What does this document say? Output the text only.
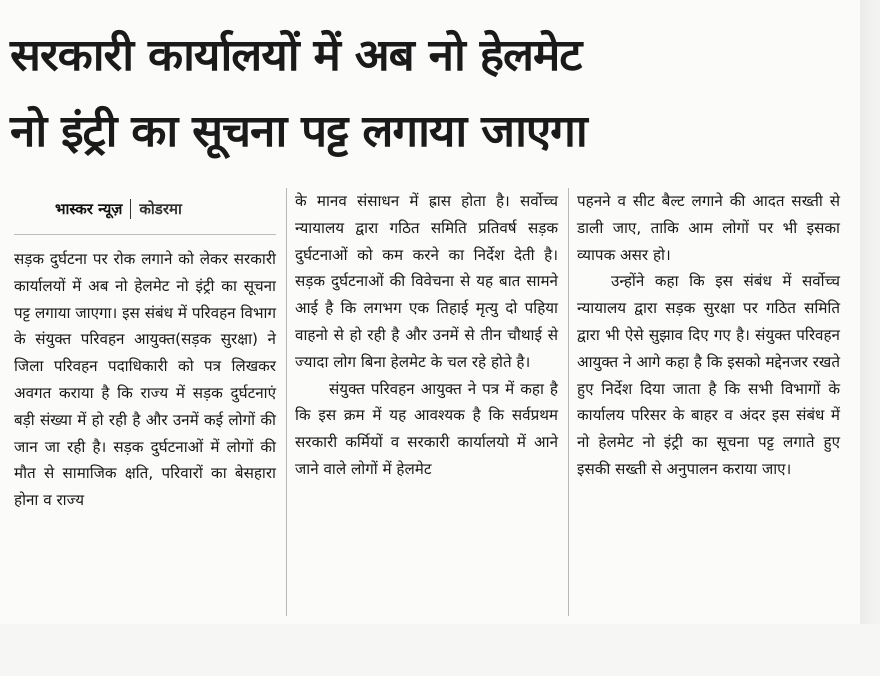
सरकारी कार्यालयों में अब नो हेलमेट
नो इंट्री का सूचना पट्ट लगाया जाएगा
भास्कर न्यूज़ कोडरमा

सड़क दुर्घटना पर रोक लगाने को लेकर सरकारी कार्यालयों में अब नो हेलमेट नो इंट्री का सूचना पट्ट लगाया जाएगा। इस संबंध में परिवहन विभाग के संयुक्त परिवहन आयुक्त(सड़क सुरक्षा) ने जिला परिवहन पदाधिकारी को पत्र लिखकर अवगत कराया है कि राज्य में सड़क दुर्घटनाएं बड़ी संख्या में हो रही है और उनमें कई लोगों की जान जा रही है। सड़क दुर्घटनाओं में लोगों की मौत से सामाजिक क्षति, परिवारों का बेसहारा होना व राज्य

के मानव संसाधन में ह्रास होता है। सर्वोच्च न्यायालय द्वारा गठित समिति प्रतिवर्ष सड़क दुर्घटनाओं को कम करने का निर्देश देती है। सड़क दुर्घटनाओं की विवेचना से यह बात सामने आई है कि लगभग एक तिहाई मृत्यु दो पहिया वाहनो से हो रही है और उनमें से तीन चौथाई से ज्यादा लोग बिना हेलमेट के चल रहे होते है।

संयुक्त परिवहन आयुक्त ने पत्र में कहा है कि इस क्रम में यह आवश्यक है कि सर्वप्रथम सरकारी कर्मियों व सरकारी कार्यालयो में आने जाने वाले लोगों में हेलमेट

पहनने व सीट बैल्ट लगाने की आदत सख्ती से डाली जाए, ताकि आम लोगों पर भी इसका व्यापक असर हो।

उन्होंने कहा कि इस संबंध में सर्वोच्च न्यायालय द्वारा सड़क सुरक्षा पर गठित समिति द्वारा भी ऐसे सुझाव दिए गए है। संयुक्त परिवहन आयुक्त ने आगे कहा है कि इसको मद्देनजर रखते हुए निर्देश दिया जाता है कि सभी विभागों के कार्यालय परिसर के बाहर व अंदर इस संबंध में नो हेलमेट नो इंट्री का सूचना पट्ट लगाते हुए इसकी सख्ती से अनुपालन कराया जाए।
